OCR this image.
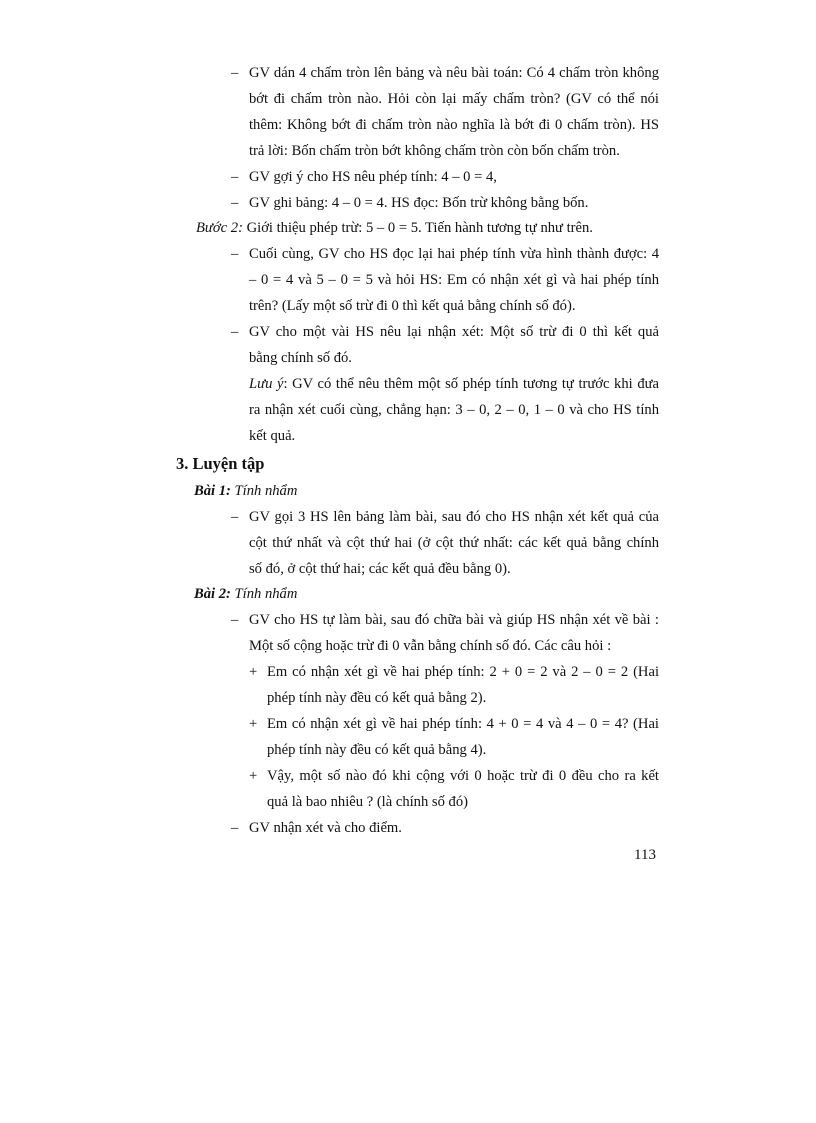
– GV dán 4 chấm tròn lên bảng và nêu bài toán: Có 4 chấm tròn không
bớt đi chấm tròn nào. Hỏi còn lại mấy chấm tròn? (GV có thể nói
thêm: Không bớt đi chấm tròn nào nghĩa là bớt đi 0 chấm tròn). HS
trả lời: Bốn chấm tròn bớt không chấm tròn còn bốn chấm tròn.
– GV gợi ý cho HS nêu phép tính: 4 – 0 = 4,
– GV ghi bảng: 4 – 0 = 4. HS đọc: Bốn trừ không bằng bốn.
Bước 2: Giới thiệu phép trừ: 5 – 0 = 5. Tiến hành tương tự như trên.
– Cuối cùng, GV cho HS đọc lại hai phép tính vừa hình thành được: 4
– 0 = 4 và 5 – 0 = 5 và hỏi HS: Em có nhận xét gì và hai phép tính
trên? (Lấy một số trừ đi 0 thì kết quả bằng chính số đó).
– GV cho một vài HS nêu lại nhận xét: Một số trừ đi 0 thì kết quả
bằng chính số đó.
Lưu ý: GV có thể nêu thêm một số phép tính tương tự trước khi đưa
ra nhận xét cuối cùng, chẳng hạn: 3 – 0, 2 – 0, 1 – 0 và cho HS tính
kết quả.
3. Luyện tập
Bài 1: Tính nhẩm
– GV gọi 3 HS lên bảng làm bài, sau đó cho HS nhận xét kết quả của
cột thứ nhất và cột thứ hai (ở cột thứ nhất: các kết quả bằng chính
số đó, ở cột thứ hai; các kết quả đều bằng 0).
Bài 2: Tính nhẩm
– GV cho HS tự làm bài, sau đó chữa bài và giúp HS nhận xét về bài :
Một số cộng hoặc trừ đi 0 vẫn bằng chính số đó. Các câu hỏi :
+ Em có nhận xét gì về hai phép tính: 2 + 0 = 2 và 2 – 0 = 2 (Hai
phép tính này đều có kết quả bằng 2).
+ Em có nhận xét gì về hai phép tính: 4 + 0 = 4 và 4 – 0 = 4? (Hai
phép tính này đều có kết quả bằng 4).
+ Vậy, một số nào đó khi cộng với 0 hoặc trừ đi 0 đều cho ra kết
quả là bao nhiêu ? (là chính số đó)
– GV nhận xét và cho điểm.
113
